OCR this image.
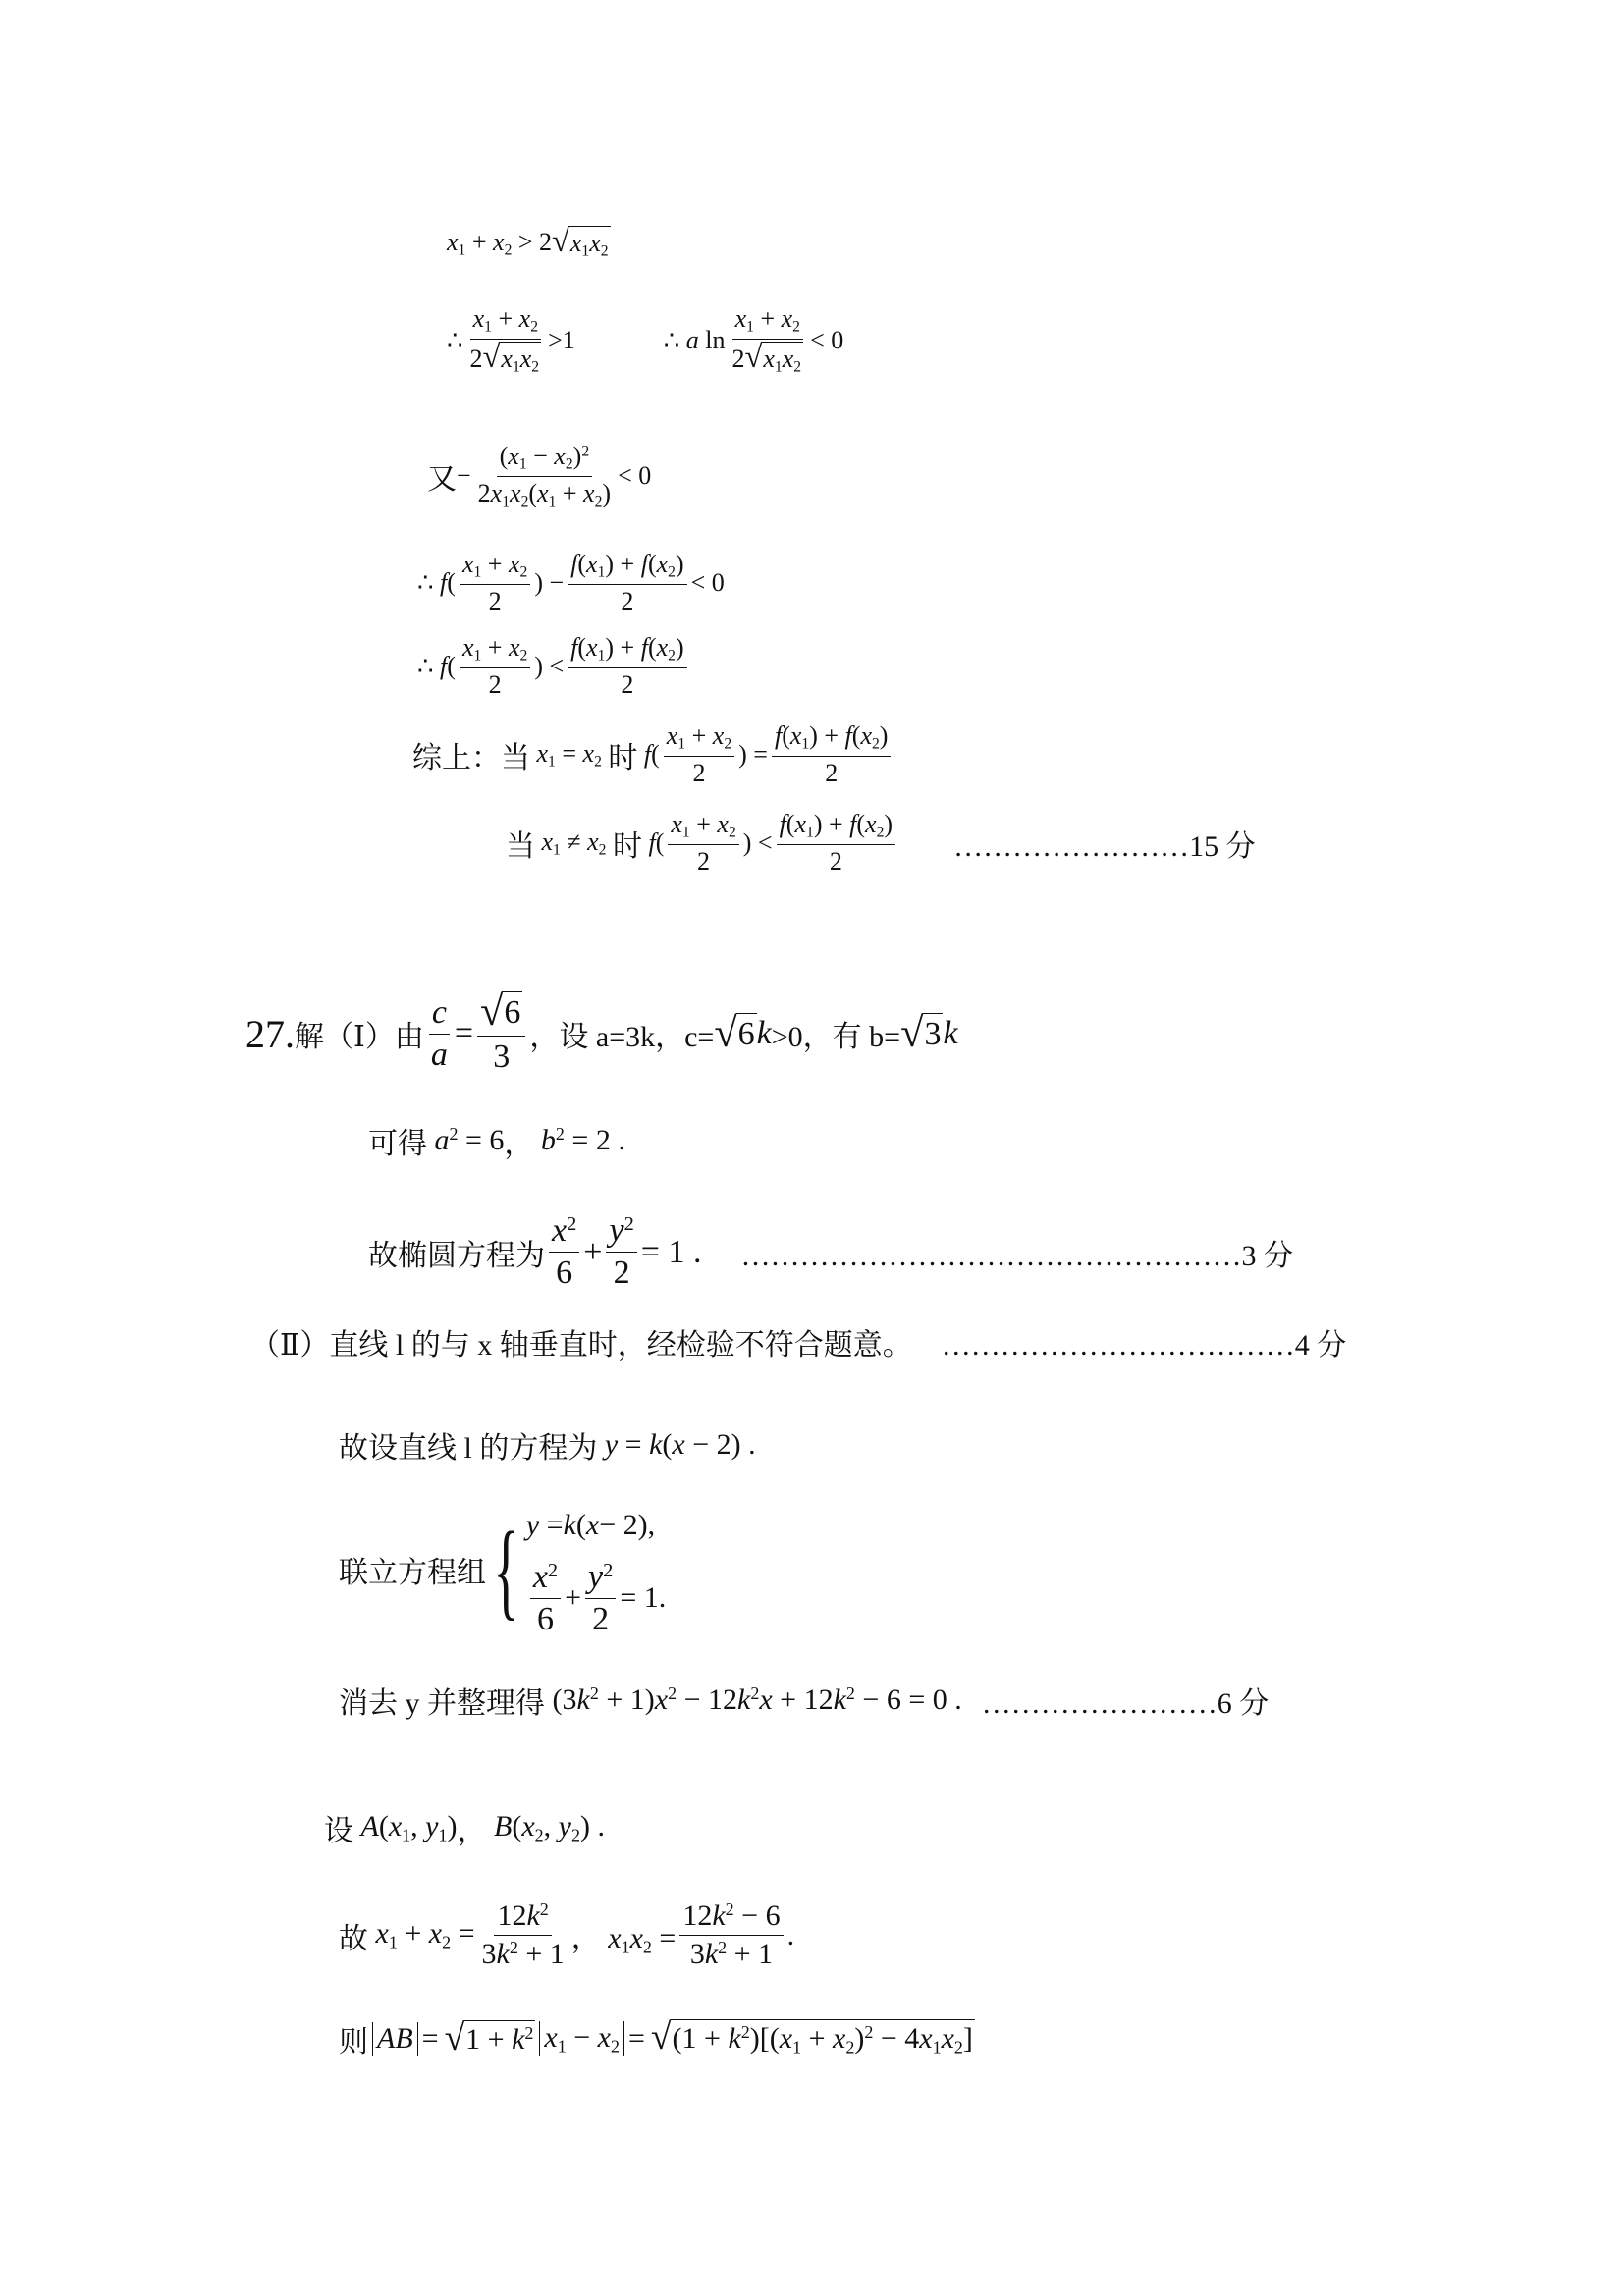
$x_1 + x_2 > 2$ √ $x_1x_2$
∴ $\frac{x_1 + x_2}{2 √ x_1x_2} >1$	∴ a $\ln \frac{x_1 + x_2}{2 √ x_1x_2} < 0$
又 − $\frac{(x_1 - x_2)^2}{2x_1x_2(x_1 + x_2)} < 0$
∴ $f( \frac{x_1 + x_2}{2}$ ) − $\frac{f(x_1) + f(x_2)}{2} < 0$
∴ $f( \frac{x_1 + x_2}{2}$ ) < $\frac{f(x_1) + f(x_2)}{2}$
综上：当 $x_1 = x_2$ 时 $f( \frac{x_1 + x_2}{2}$ ) = $\frac{f(x_1) + f(x_2)}{2}$
当 $x_1 \ne x_2$ 时 $f( \frac{x_1 + x_2}{2}$ ) < $\frac{f(x_1) + f(x_2)}{2}$ ……………………15 分
27. 解（Ⅰ）由 $\frac{c}{a} = \frac{√ 6}{3}$ ，设 a=3k，c= √ 6 k >0，有 b= √ 3 k
可得 $a^2 = 6$ ， $b^2 = 2$ .
故椭圆方程为 $\frac{x^2}{6} + \frac{y^2}{2} = 1$ . ……………………………………………3 分
（Ⅱ）直线 l 的与 x 轴垂直时，经检验不符合题意。 ………………………………4 分
故设直线 l 的方程为 y = k(x − 2) .
联立方程组 { y = k ( x − 2),
$\frac{x^2}{6} + \frac{y^2}{2} = 1$.
消去 y 并整理得 $(3k^2 + 1)x^2 - 12k^2x + 12k^2 - 6 = 0$ . ……………………6 分
设 $A(x_1$, $y_1$) ， $B(x_2$, $y_2$) .
故 $x_1 + x_2 = \frac{12k^2}{3k^2 + 1}$ ， $x_1x_2 = \frac{12k^2 - 6}{3k^2 + 1}$ .
则 AB = √ $1 + k^2$ $x_1 - x_2$ = √ $(1 + k^2)[(x_1 + x_2)^2 - 4x_1x_2]$
